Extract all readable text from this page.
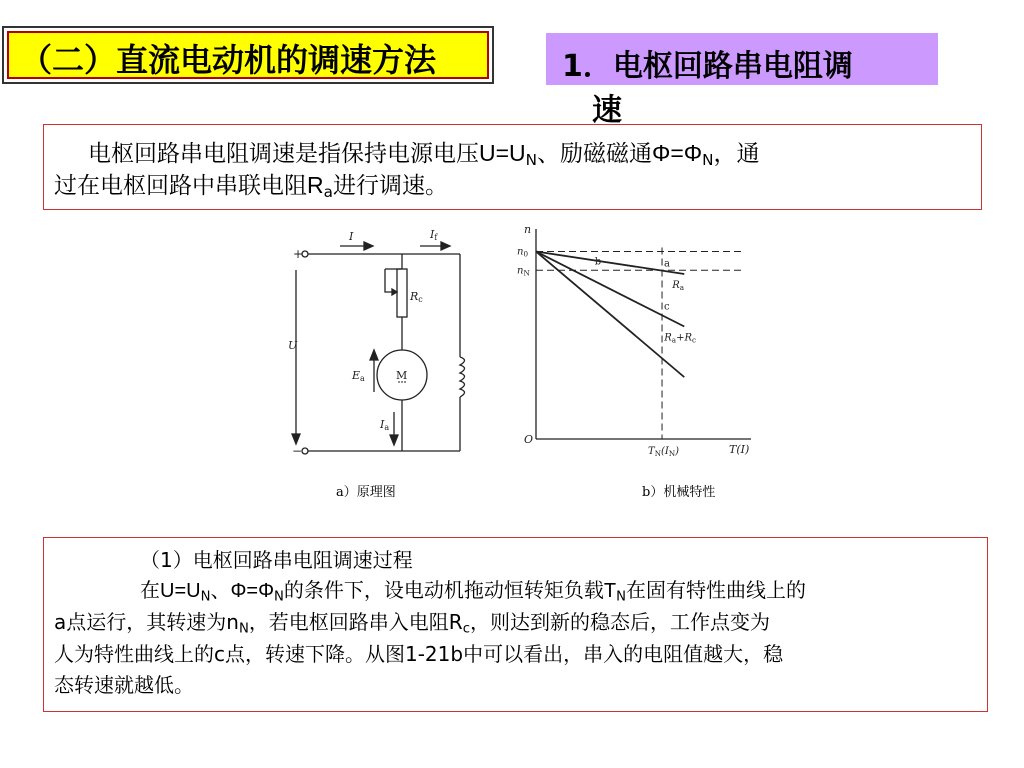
（二）直流电动机的调速方法	1．电枢回路串电阻调
速
电枢回路串电阻调速是指保持电源电压$U=U_N$、励磁磁通$\Phi=\Phi_N$，通
过在电枢回路中串联电阻$R_a$进行调速。
+
−
U
I	If
Rc
Ea
Ia
M
a）原理图
$R_a$
$R_a+R_c$
a
b
c
n
T(I)
O
$n_0$
$n_N$
$T_N(I_N)$
b）机械特性
（1）电枢回路串电阻调速过程
在$U=U_N$、$\Phi=\Phi_N$的条件下，设电动机拖动恒转矩负载$T_N$在固有特性曲线上的
a点运行，其转速为$n_N$，若电枢回路串入电阻$R_c$，则达到新的稳态后，工作点变为
人为特性曲线上的c点，转速下降。从图1-21b中可以看出，串入的电阻值越大，稳
态转速就越低。
